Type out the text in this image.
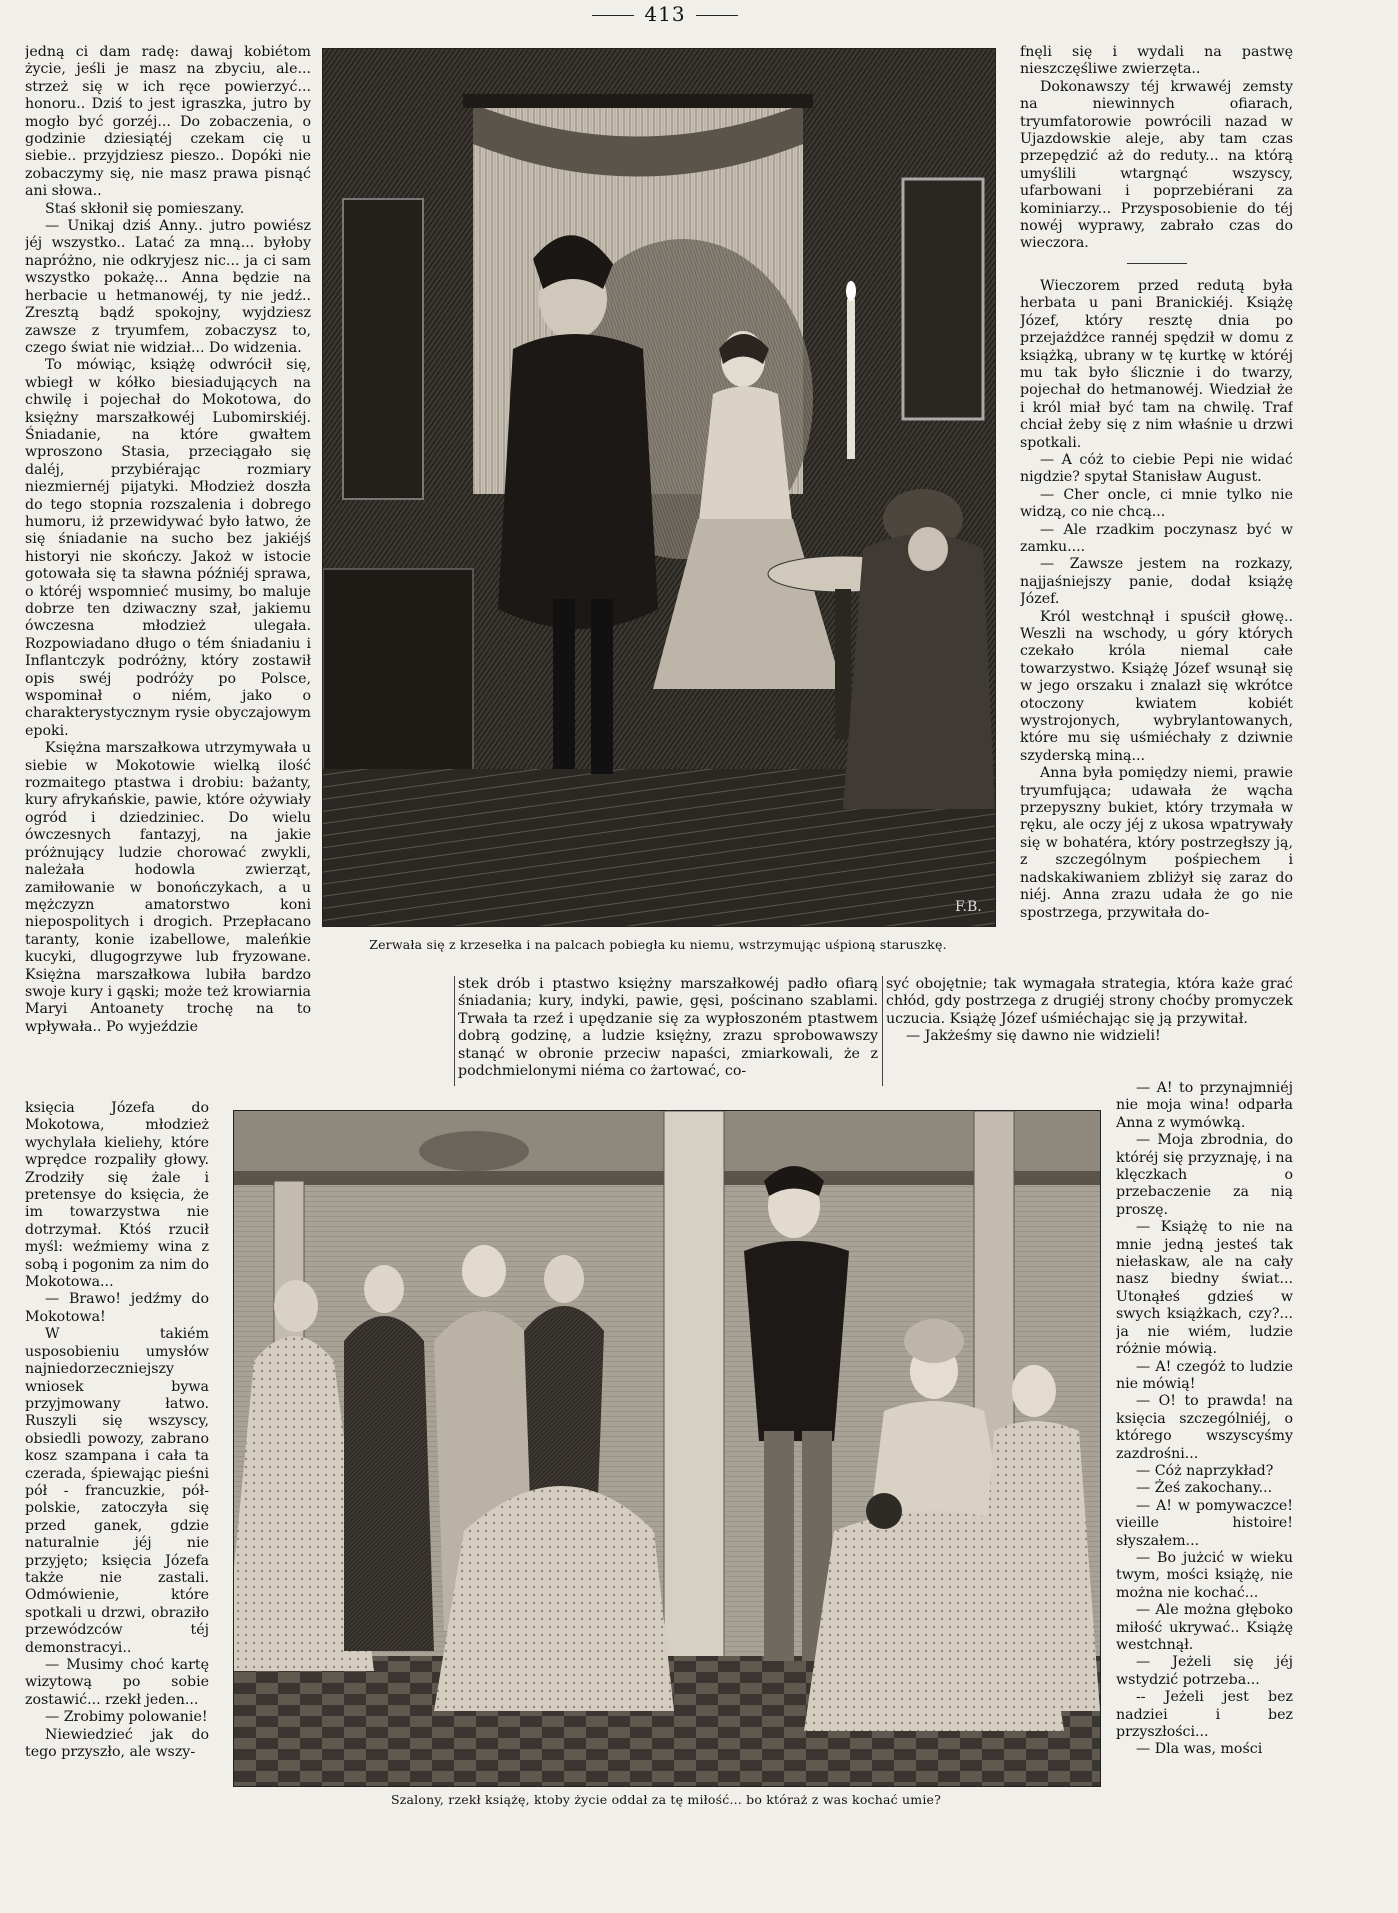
413

jedną ci dam radę: dawaj kobiétom życie, jeśli je masz na zbyciu, ale... strzeż się w ich ręce powierzyć... honoru.. Dziś to jest igraszka, jutro by mogło być gorzéj... Do zobaczenia, o godzinie dziesiątéj czekam cię u siebie.. przyjdziesz pieszo.. Dopóki nie zobaczymy się, nie masz prawa pisnąć ani słowa..

Staś skłonił się pomieszany.

— Unikaj dziś Anny.. jutro powiész jéj wszystko.. Latać za mną... byłoby napróżno, nie odkryjesz nic... ja ci sam wszystko pokażę... Anna będzie na herbacie u hetmanowéj, ty nie jedź.. Zresztą bądź spokojny, wyjdziesz zawsze z tryumfem, zobaczysz to, czego świat nie widział... Do widzenia.

To mówiąc, książę odwrócił się, wbiegł w kółko biesiadujących na chwilę i pojechał do Mokotowa, do księżny marszałkowéj Lubomirskiéj. Śniadanie, na które gwałtem wproszono Stasia, przeciągało się daléj, przybiérając rozmiary niezmiernéj pijatyki. Młodzież doszła do tego stopnia rozszalenia i dobrego humoru, iż przewidywać było łatwo, że się śniadanie na sucho bez jakiéjś historyi nie skończy. Jakoż w istocie gotowała się ta sławna późniéj sprawa, o któréj wspomnieć musimy, bo maluje dobrze ten dziwaczny szał, jakiemu ówczesna młodzież ulegała. Rozpowiadano długo o tém śniadaniu i Inflantczyk podróżny, który zostawił opis swéj podróży po Polsce, wspominał o niém, jako o charakterystycznym rysie obyczajowym epoki.

Księżna marszałkowa utrzymywała u siebie w Mokotowie wielką ilość rozmaitego ptastwa i drobiu: bażanty, kury afrykańskie, pawie, które ożywiały ogród i dziedziniec. Do wielu ówczesnych fantazyj, na jakie próżnujący ludzie chorować zwykli, należała hodowla zwierząt, zamiłowanie w bonończykach, a u mężczyzn amatorstwo koni niepospolitych i drogich. Przepłacano taranty, konie izabellowe, maleńkie kucyki, dlugogrzywe lub fryzowane. Księżna marszałkowa lubiła bardzo swoje kury i gąski; może też krowiarnia Maryi Antoanety trochę na to wpływała.. Po wyjeździe

F.B.
Zerwała się z krzesełka i na palcach pobiegła ku niemu, wstrzymując uśpioną staruszkę.

fnęli się i wydali na pastwę nieszczęśliwe zwierzęta..

Dokonawszy téj krwawéj zemsty na niewinnych ofiarach, tryumfatorowie powrócili nazad w Ujazdowskie aleje, aby tam czas przepędzić aż do reduty... na którą umyślili wtargnąć wszyscy, ufarbowani i poprzebiérani za kominiarzy... Przysposobienie do téj nowéj wyprawy, zabrało czas do wieczora.

Wieczorem przed redutą była herbata u pani Branickiéj. Książę Józef, który resztę dnia po przejażdżce rannéj spędził w domu z książką, ubrany w tę kurtkę w któréj mu tak było ślicznie i do twarzy, pojechał do hetmanowéj. Wiedział że i król miał być tam na chwilę. Traf chciał żeby się z nim właśnie u drzwi spotkali.

— A cóż to ciebie Pepi nie widać nigdzie? spytał Stanisław August.

— Cher oncle, ci mnie tylko nie widzą, co nie chcą...

— Ale rzadkim poczynasz być w zamku....

— Zawsze jestem na rozkazy, najjaśniejszy panie, dodał książę Józef.

Król westchnął i spuścił głowę.. Weszli na wschody, u góry których czekało króla niemal całe towarzystwo. Książę Józef wsunął się w jego orszaku i znalazł się wkrótce otoczony kwiatem kobiét wystrojonych, wybrylantowanych, które mu się uśmiéchały z dziwnie szyderską miną...

Anna była pomiędzy niemi, prawie tryumfująca; udawała że wącha przepyszny bukiet, który trzymała w ręku, ale oczy jéj z ukosa wpatrywały się w bohatéra, który postrzegłszy ją, z szczególnym pośpiechem i nadskakiwaniem zbliżył się zaraz do niéj. Anna zrazu udała że go nie spostrzega, przywitała do-

stek drób i ptastwo księżny marszałkowéj padło ofiarą śniadania; kury, indyki, pawie, gęsi, pościnano szablami. Trwała ta rzeź i upędzanie się za wypłoszoném ptastwem dobrą godzinę, a ludzie księżny, zrazu sprobowawszy stanąć w obronie przeciw napaści, zmiarkowali, że z podchmielonymi niéma co żartować, co-

syć obojętnie; tak wymagała strategia, która każe grać chłód, gdy postrzega z drugiéj strony choćby promyczek uczucia. Książę Józef uśmiéchając się ją przywitał.

— Jakżeśmy się dawno nie widzieli!

księcia Józefa do Mokotowa, młodzież wychylała kieliehy, które wprędce rozpaliły głowy. Zrodziły się żale i pretensye do księcia, że im towarzystwa nie dotrzymał. Któś rzucił myśl: weźmiemy wina z sobą i pogonim za nim do Mokotowa...

— Brawo! jedźmy do Mokotowa!

W takiém usposobieniu umysłów najniedorzeczniejszy wniosek bywa przyjmowany łatwo. Ruszyli się wszyscy, obsiedli powozy, zabrano kosz szampana i cała ta czerada, śpiewając pieśni pół - francuzkie, pół-polskie, zatoczyła się przed ganek, gdzie naturalnie jéj nie przyjęto; księcia Józefa także nie zastali. Odmówienie, które spotkali u drzwi, obraziło przewódzców téj demonstracyi..

— Musimy choć kartę wizytową po sobie zostawić... rzekł jeden...

— Zrobimy polowanie!

Niewiedzieć jak do tego przyszło, ale wszy-

Szalony, rzekł książę, ktoby życie oddał za tę miłość... bo któraż z was kochać umie?

— A! to przynajmniéj nie moja wina! odparła Anna z wymówką.

— Moja zbrodnia, do któréj się przyznaję, i na klęczkach o przebaczenie za nią proszę.

— Książę to nie na mnie jedną jesteś tak niełaskaw, ale na cały nasz biedny świat... Utonąłeś gdzieś w swych książkach, czy?... ja nie wiém, ludzie różnie mówią.

— A! czegóż to ludzie nie mówią!

— O! to prawda! na księcia szczególniéj, o którego wszyscyśmy zazdrośni...

— Cóż naprzykład?

— Żeś zakochany...

— A! w pomywaczce! vieille histoire! słyszałem...

— Bo jużcić w wieku twym, mości książę, nie można nie kochać...

— Ale można głęboko miłość ukrywać.. Książę westchnął.

— Jeżeli się jéj wstydzić potrzeba...

-- Jeżeli jest bez nadziei i bez przyszłości...

— Dla was, mości
